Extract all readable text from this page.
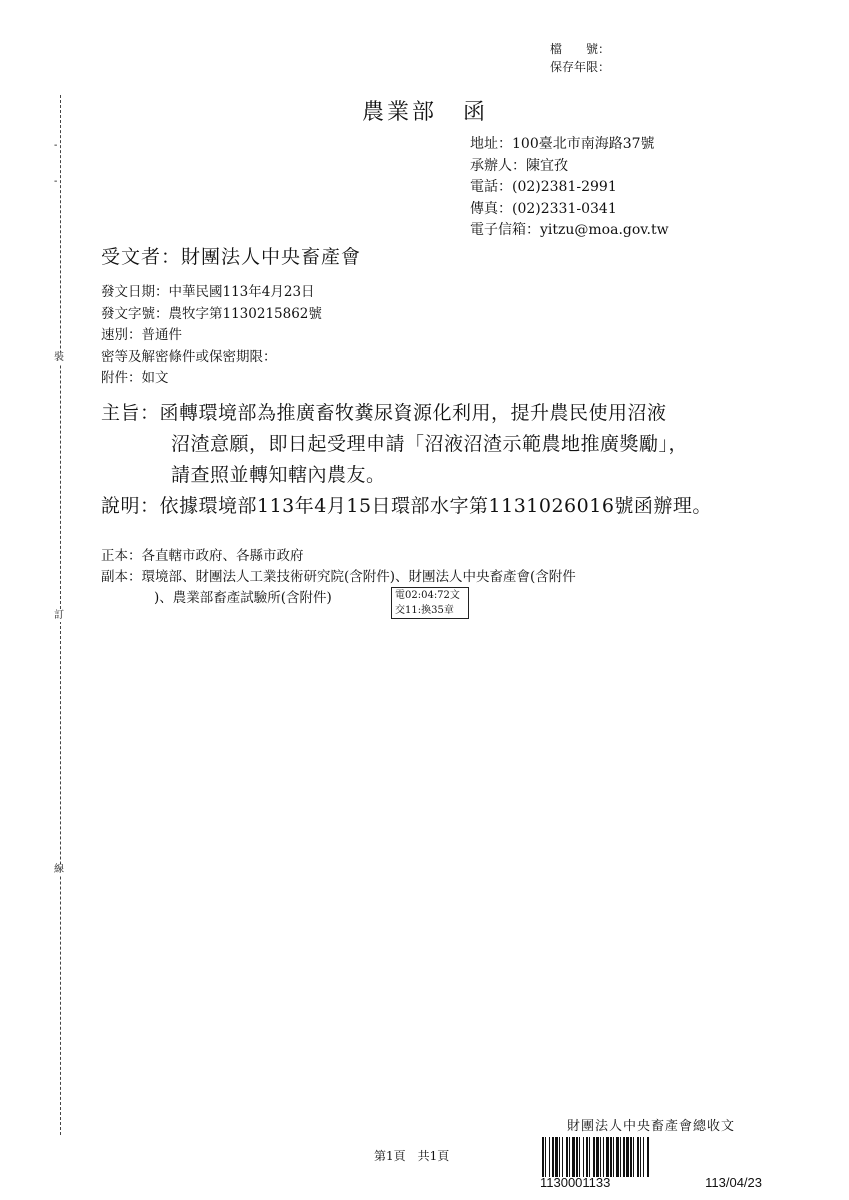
-
-
裝
訂
線
檔　　號：
保存年限：
農業部 函
地址：100臺北市南海路37號
承辦人：陳宜孜
電話：(02)2381-2991
傳真：(02)2331-0341
電子信箱：yitzu@moa.gov.tw
受文者：財團法人中央畜產會
發文日期：中華民國113年4月23日
發文字號：農牧字第1130215862號
速別：普通件
密等及解密條件或保密期限：
附件：如文
主旨：函轉環境部為推廣畜牧糞尿資源化利用，提升農民使用沼液
沼渣意願，即日起受理申請「沼液沼渣示範農地推廣獎勵」，
請查照並轉知轄內農友。
說明：依據環境部113年4月15日環部水字第1131026016號函辦理。
正本：各直轄市政府、各縣市政府
副本：環境部、財團法人工業技術研究院(含附件)、財團法人中央畜產會(含附件
)、農業部畜產試驗所(含附件)	電02:04:72文
交11:換35章
第1頁　共1頁
財團法人中央畜產會總收文
1130001133	113/04/23
